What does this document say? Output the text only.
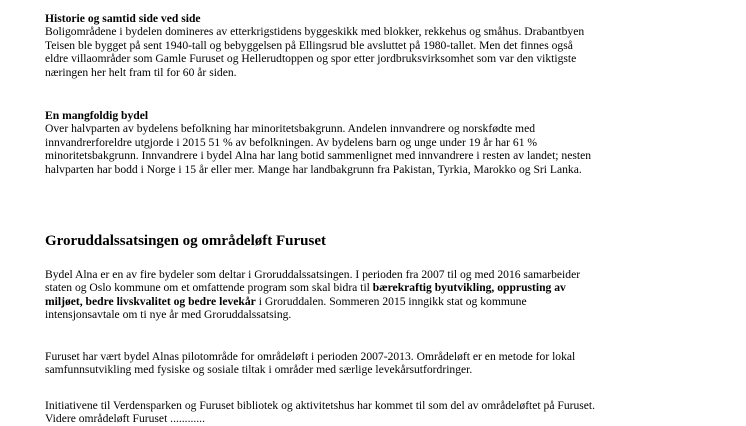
Historie og samtid side ved side
Boligområdene i bydelen domineres av etterkrigstidens byggeskikk med blokker, rekkehus og småhus. Drabantbyen
Teisen ble bygget på sent 1940-tall og bebyggelsen på Ellingsrud ble avsluttet på 1980-tallet. Men det finnes også
eldre villaområder som Gamle Furuset og Hellerudtoppen og spor etter jordbruksvirksomhet som var den viktigste
næringen her helt fram til for 60 år siden.
En mangfoldig bydel
Over halvparten av bydelens befolkning har minoritetsbakgrunn. Andelen innvandrere og norskfødte med
innvandrerforeldre utgjorde i 2015 51 % av befolkningen. Av bydelens barn og unge under 19 år har 61 %
minoritetsbakgrunn. Innvandrere i bydel Alna har lang botid sammenlignet med innvandrere i resten av landet; nesten
halvparten har bodd i Norge i 15 år eller mer. Mange har landbakgrunn fra Pakistan, Tyrkia, Marokko og Sri Lanka.
Groruddalssatsingen og områdeløft Furuset
Bydel Alna er en av fire bydeler som deltar i Groruddalssatsingen. I perioden fra 2007 til og med 2016 samarbeider
staten og Oslo kommune om et omfattende program som skal bidra til bærekraftig byutvikling, opprusting av
miljøet, bedre livskvalitet og bedre levekår i Groruddalen. Sommeren 2015 inngikk stat og kommune
intensjonsavtale om ti nye år med Groruddalssatsing.
Furuset har vært bydel Alnas pilotområde for områdeløft i perioden 2007-2013. Områdeløft er en metode for lokal
samfunnsutvikling med fysiske og sosiale tiltak i områder med særlige levekårsutfordringer.
Initiativene til Verdensparken og Furuset bibliotek og aktivitetshus har kommet til som del av områdeløftet på Furuset.
Videre områdeløft Furuset ............
